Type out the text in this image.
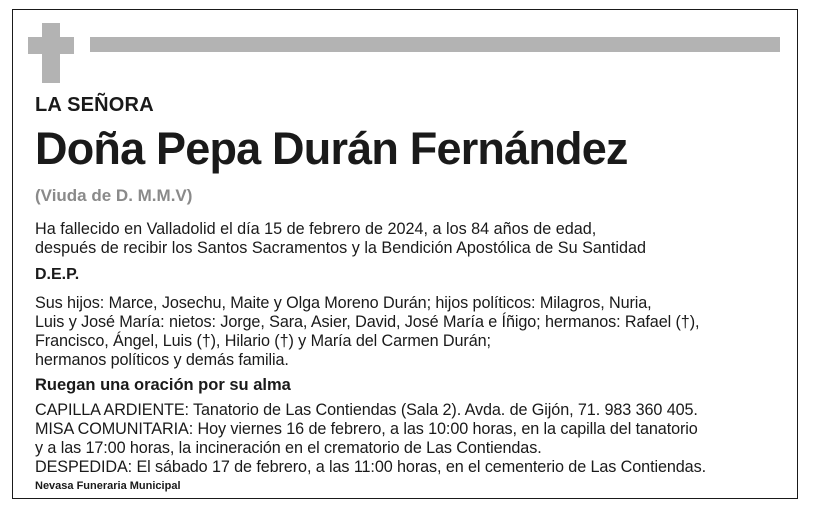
LA SEÑORA

Doña Pepa Durán Fernández

(Viuda de D. M.M.V)

Ha fallecido en Valladolid el día 15 de febrero de 2024, a los 84 años de edad,
después de recibir los Santos Sacramentos y la Bendición Apostólica de Su Santidad

D.E.P.

Sus hijos: Marce, Josechu, Maite y Olga Moreno Durán; hijos políticos: Milagros, Nuria,
Luis y José María: nietos: Jorge, Sara, Asier, David, José María e Íñigo; hermanos: Rafael (†),
Francisco, Ángel, Luis (†), Hilario (†) y María del Carmen Durán;
hermanos políticos y demás familia.

Ruegan una oración por su alma

CAPILLA ARDIENTE: Tanatorio de Las Contiendas (Sala 2). Avda. de Gijón, 71. 983 360 405.
MISA COMUNITARIA: Hoy viernes 16 de febrero, a las 10:00 horas, en la capilla del tanatorio
y a las 17:00 horas, la incineración en el crematorio de Las Contiendas.
DESPEDIDA: El sábado 17 de febrero, a las 11:00 horas, en el cementerio de Las Contiendas.

Nevasa Funeraria Municipal
